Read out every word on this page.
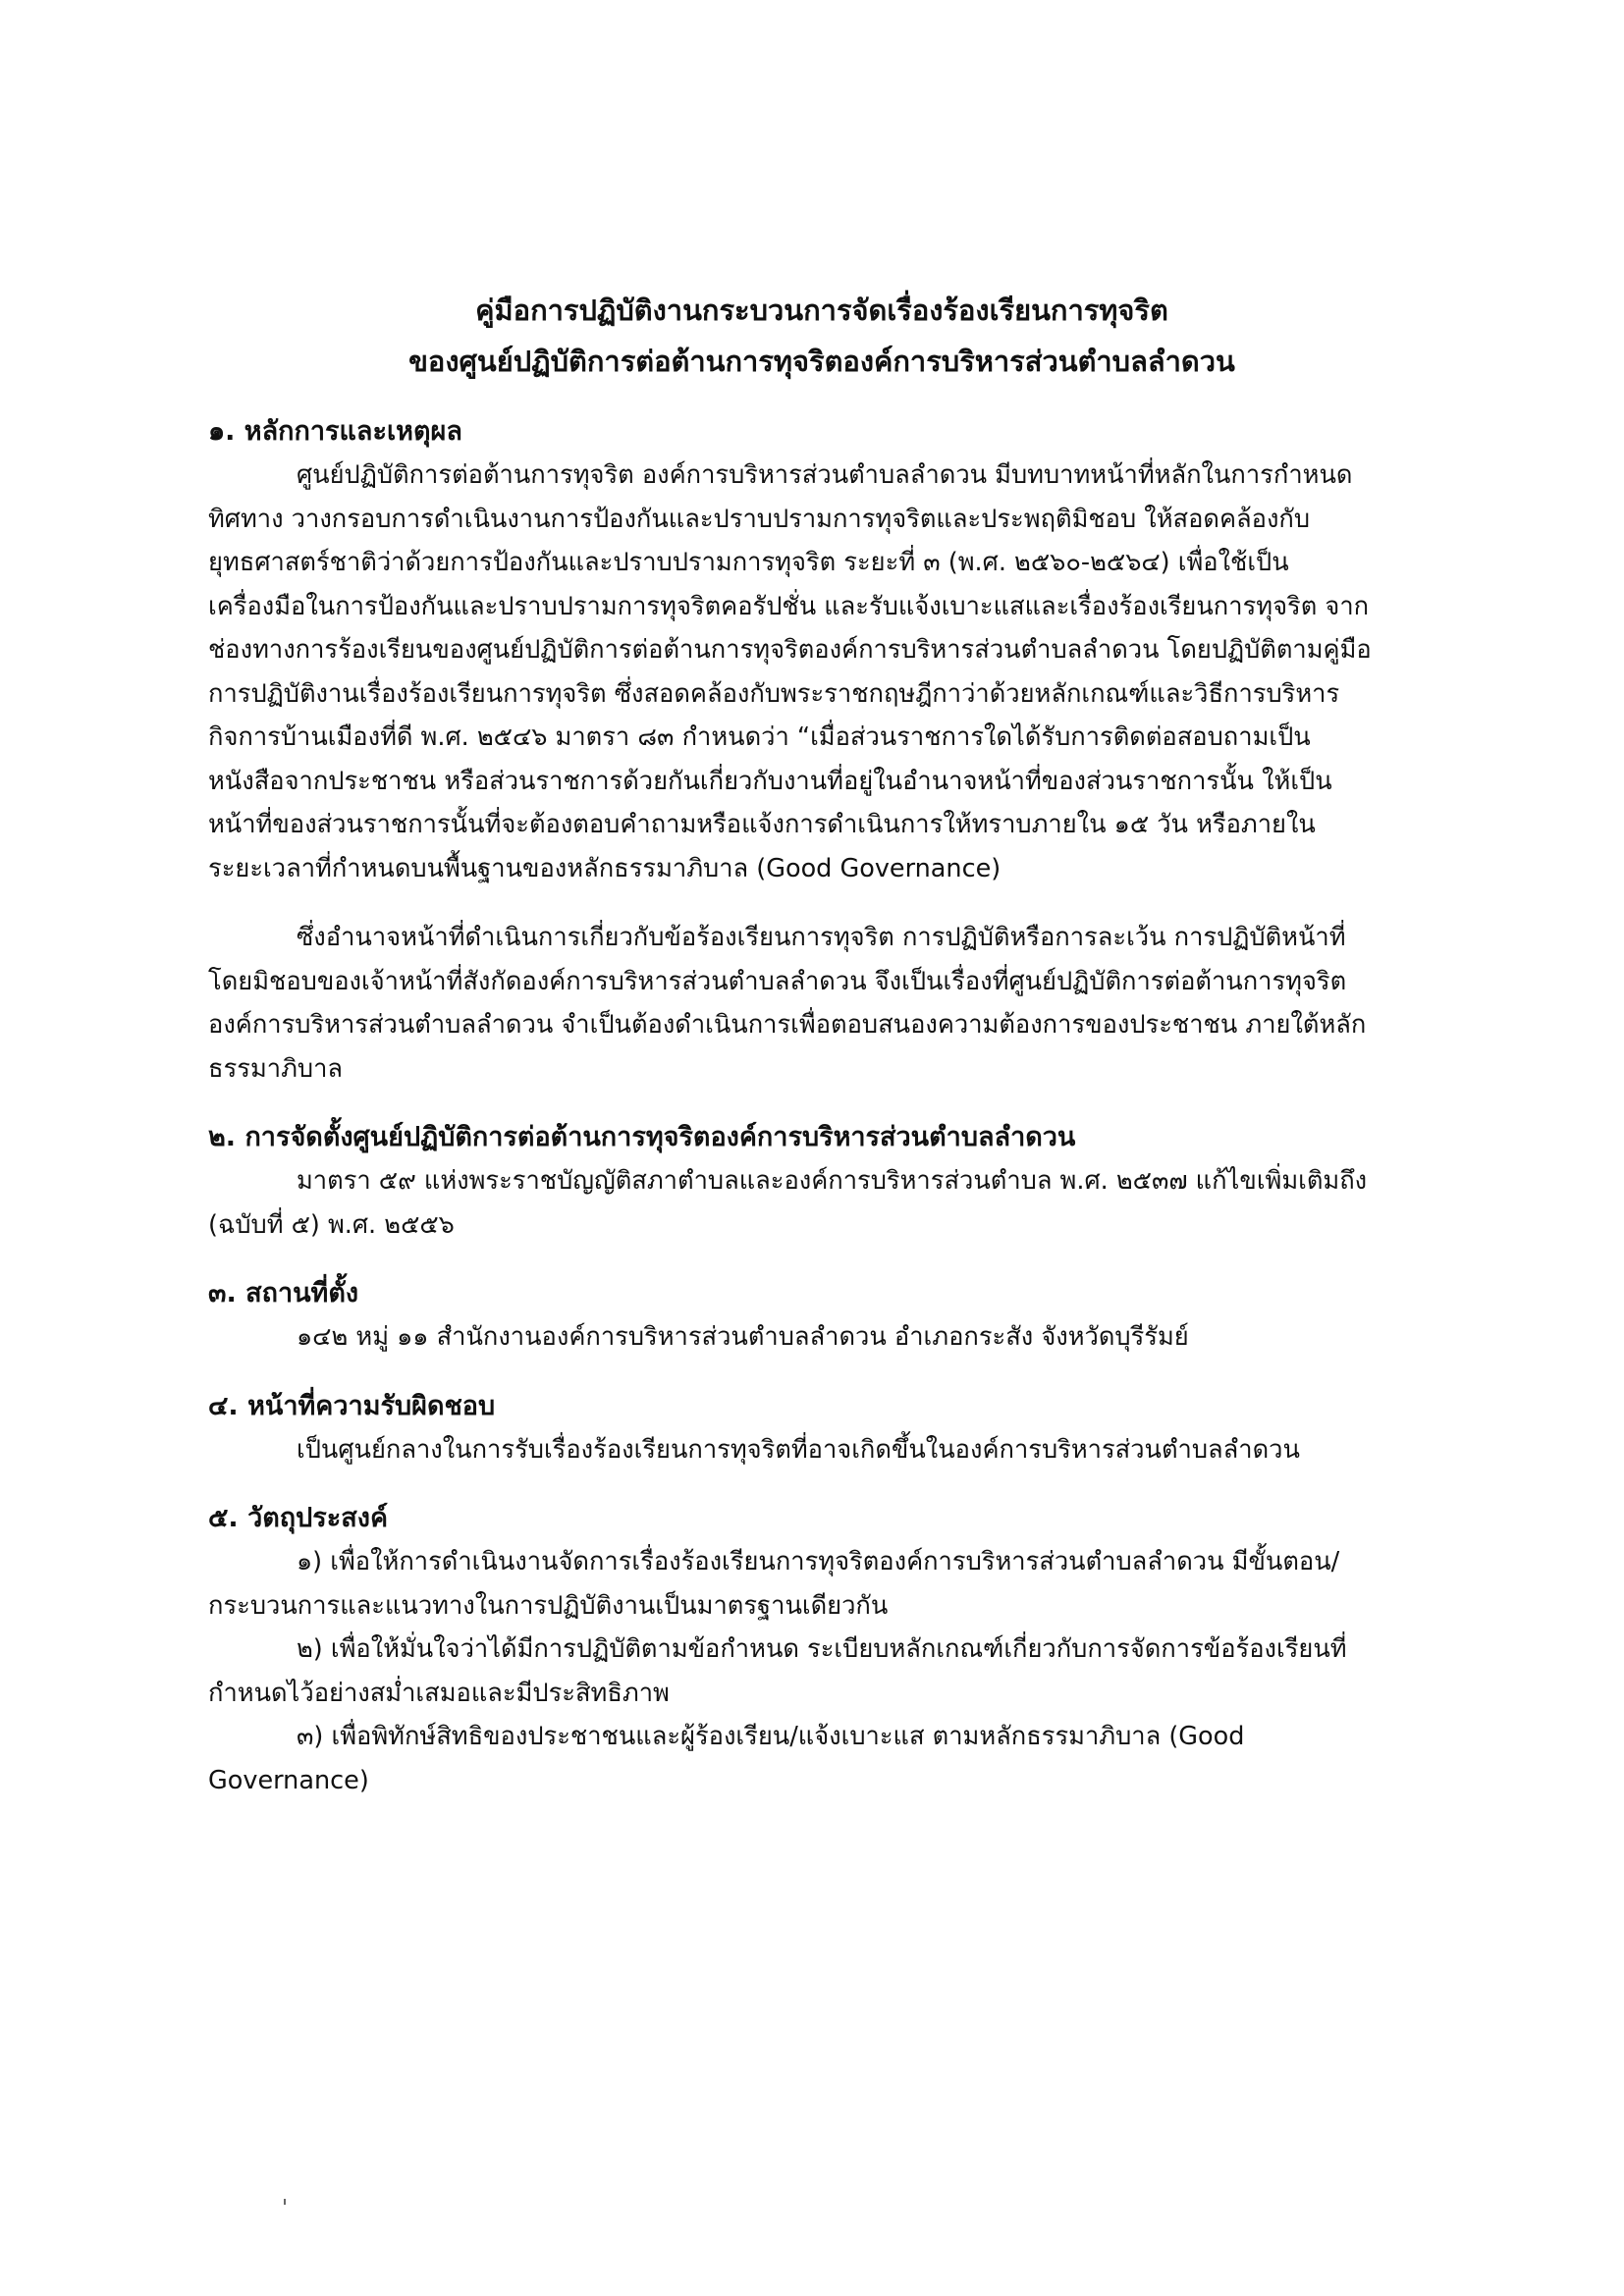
คู่มือการปฏิบัติงานกระบวนการจัดเรื่องร้องเรียนการทุจริต
ของศูนย์ปฏิบัติการต่อต้านการทุจริตองค์การบริหารส่วนตำบลลำดวน
๑. หลักการและเหตุผล
ศูนย์ปฏิบัติการต่อต้านการทุจริต องค์การบริหารส่วนตำบลลำดวน มีบทบาทหน้าที่หลักในการกำหนด
ทิศทาง วางกรอบการดำเนินงานการป้องกันและปราบปรามการทุจริตและประพฤติมิชอบ ให้สอดคล้องกับ
ยุทธศาสตร์ชาติว่าด้วยการป้องกันและปราบปรามการทุจริต ระยะที่ ๓ (พ.ศ. ๒๕๖๐-๒๕๖๔) เพื่อใช้เป็น
เครื่องมือในการป้องกันและปราบปรามการทุจริตคอรัปชั่น และรับแจ้งเบาะแสและเรื่องร้องเรียนการทุจริต จาก
ช่องทางการร้องเรียนของศูนย์ปฏิบัติการต่อต้านการทุจริตองค์การบริหารส่วนตำบลลำดวน โดยปฏิบัติตามคู่มือ
การปฏิบัติงานเรื่องร้องเรียนการทุจริต ซึ่งสอดคล้องกับพระราชกฤษฎีกาว่าด้วยหลักเกณฑ์และวิธีการบริหาร
กิจการบ้านเมืองที่ดี พ.ศ. ๒๕๔๖ มาตรา ๘๓ กำหนดว่า “เมื่อส่วนราชการใดได้รับการติดต่อสอบถามเป็น
หนังสือจากประชาชน หรือส่วนราชการด้วยกันเกี่ยวกับงานที่อยู่ในอำนาจหน้าที่ของส่วนราชการนั้น ให้เป็น
หน้าที่ของส่วนราชการนั้นที่จะต้องตอบคำถามหรือแจ้งการดำเนินการให้ทราบภายใน ๑๕ วัน หรือภายใน
ระยะเวลาที่กำหนดบนพื้นฐานของหลักธรรมาภิบาล (Good Governance)
ซึ่งอำนาจหน้าที่ดำเนินการเกี่ยวกับข้อร้องเรียนการทุจริต การปฏิบัติหรือการละเว้น การปฏิบัติหน้าที่
โดยมิชอบของเจ้าหน้าที่สังกัดองค์การบริหารส่วนตำบลลำดวน จึงเป็นเรื่องที่ศูนย์ปฏิบัติการต่อต้านการทุจริต
องค์การบริหารส่วนตำบลลำดวน จำเป็นต้องดำเนินการเพื่อตอบสนองความต้องการของประชาชน ภายใต้หลัก
ธรรมาภิบาล
๒. การจัดตั้งศูนย์ปฏิบัติการต่อต้านการทุจริตองค์การบริหารส่วนตำบลลำดวน
มาตรา ๕๙ แห่งพระราชบัญญัติสภาตำบลและองค์การบริหารส่วนตำบล พ.ศ. ๒๕๓๗ แก้ไขเพิ่มเติมถึง
(ฉบับที่ ๕) พ.ศ. ๒๕๕๖
๓. สถานที่ตั้ง
๑๔๒ หมู่ ๑๑ สำนักงานองค์การบริหารส่วนตำบลลำดวน อำเภอกระสัง จังหวัดบุรีรัมย์
๔. หน้าที่ความรับผิดชอบ
เป็นศูนย์กลางในการรับเรื่องร้องเรียนการทุจริตที่อาจเกิดขึ้นในองค์การบริหารส่วนตำบลลำดวน
๕. วัตถุประสงค์
๑) เพื่อให้การดำเนินงานจัดการเรื่องร้องเรียนการทุจริตองค์การบริหารส่วนตำบลลำดวน มีขั้นตอน/
กระบวนการและแนวทางในการปฏิบัติงานเป็นมาตรฐานเดียวกัน
๒) เพื่อให้มั่นใจว่าได้มีการปฏิบัติตามข้อกำหนด ระเบียบหลักเกณฑ์เกี่ยวกับการจัดการข้อร้องเรียนที่
กำหนดไว้อย่างสม่ำเสมอและมีประสิทธิภาพ
๓) เพื่อพิทักษ์สิทธิของประชาชนและผู้ร้องเรียน/แจ้งเบาะแส ตามหลักธรรมาภิบาล (Good
Governance)
